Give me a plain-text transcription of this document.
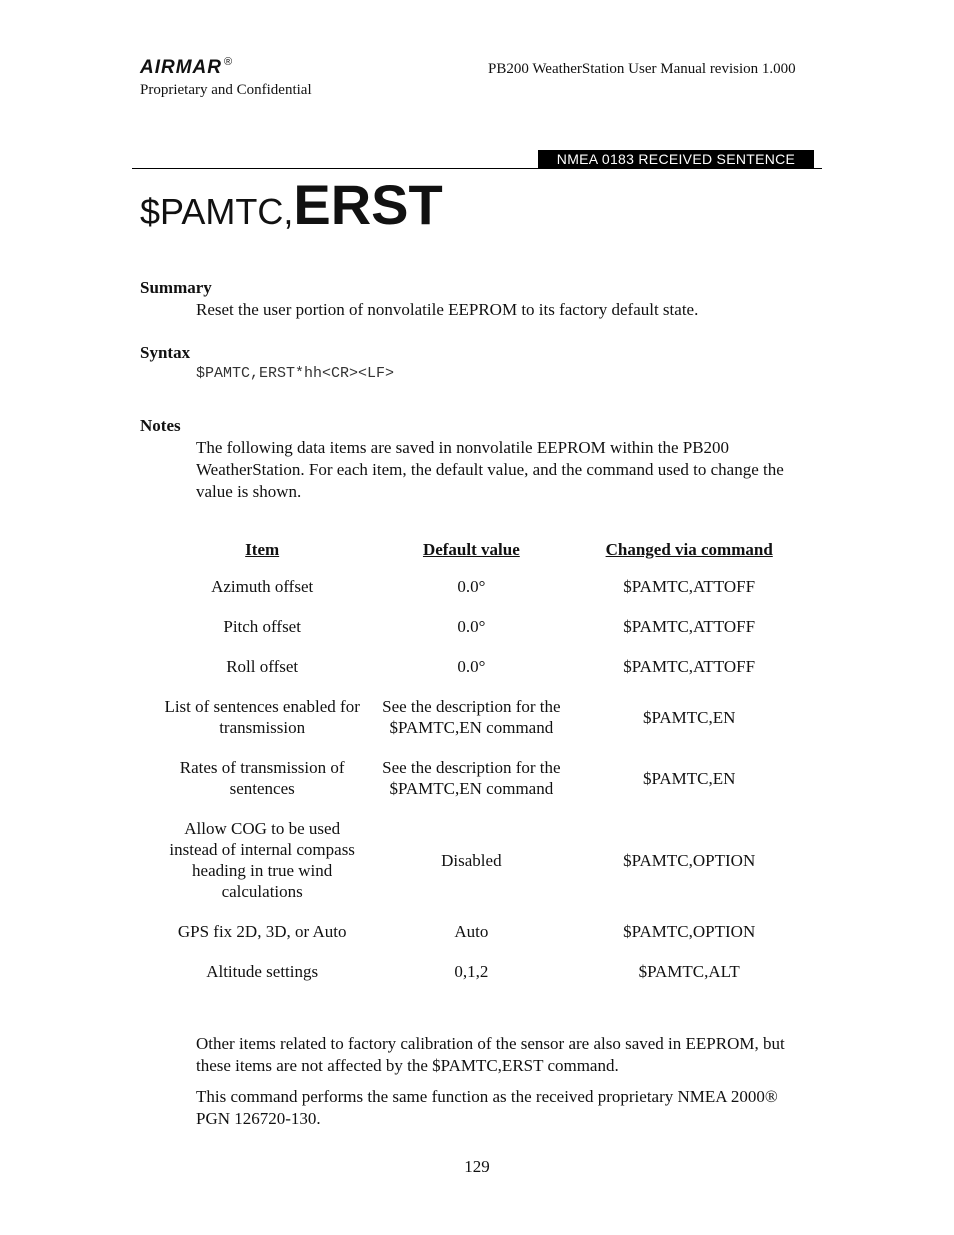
AIRMAR ®
Proprietary and Confidential
PB200 WeatherStation User Manual revision 1.000
NMEA 0183 RECEIVED SENTENCE
$PAMTC,ERST
Summary
Reset the user portion of nonvolatile EEPROM to its factory default state.
Syntax
$PAMTC,ERST*hh<CR><LF>
Notes
The following data items are saved in nonvolatile EEPROM within the PB200 WeatherStation. For each item, the default value, and the command used to change the value is shown.
Item	Default value	Changed via command
Azimuth offset	0.0°	$PAMTC,ATTOFF
Pitch offset	0.0°	$PAMTC,ATTOFF
Roll offset	0.0°	$PAMTC,ATTOFF
List of sentences enabled for transmission	See the description for the $PAMTC,EN command	$PAMTC,EN
Rates of transmission of sentences	See the description for the $PAMTC,EN command	$PAMTC,EN
Allow COG to be used instead of internal compass heading in true wind calculations	Disabled	$PAMTC,OPTION
GPS fix 2D, 3D, or Auto	Auto	$PAMTC,OPTION
Altitude settings	0,1,2	$PAMTC,ALT
Other items related to factory calibration of the sensor are also saved in EEPROM, but these items are not affected by the $PAMTC,ERST command.
This command performs the same function as the received proprietary NMEA 2000® PGN 126720-130.
129
